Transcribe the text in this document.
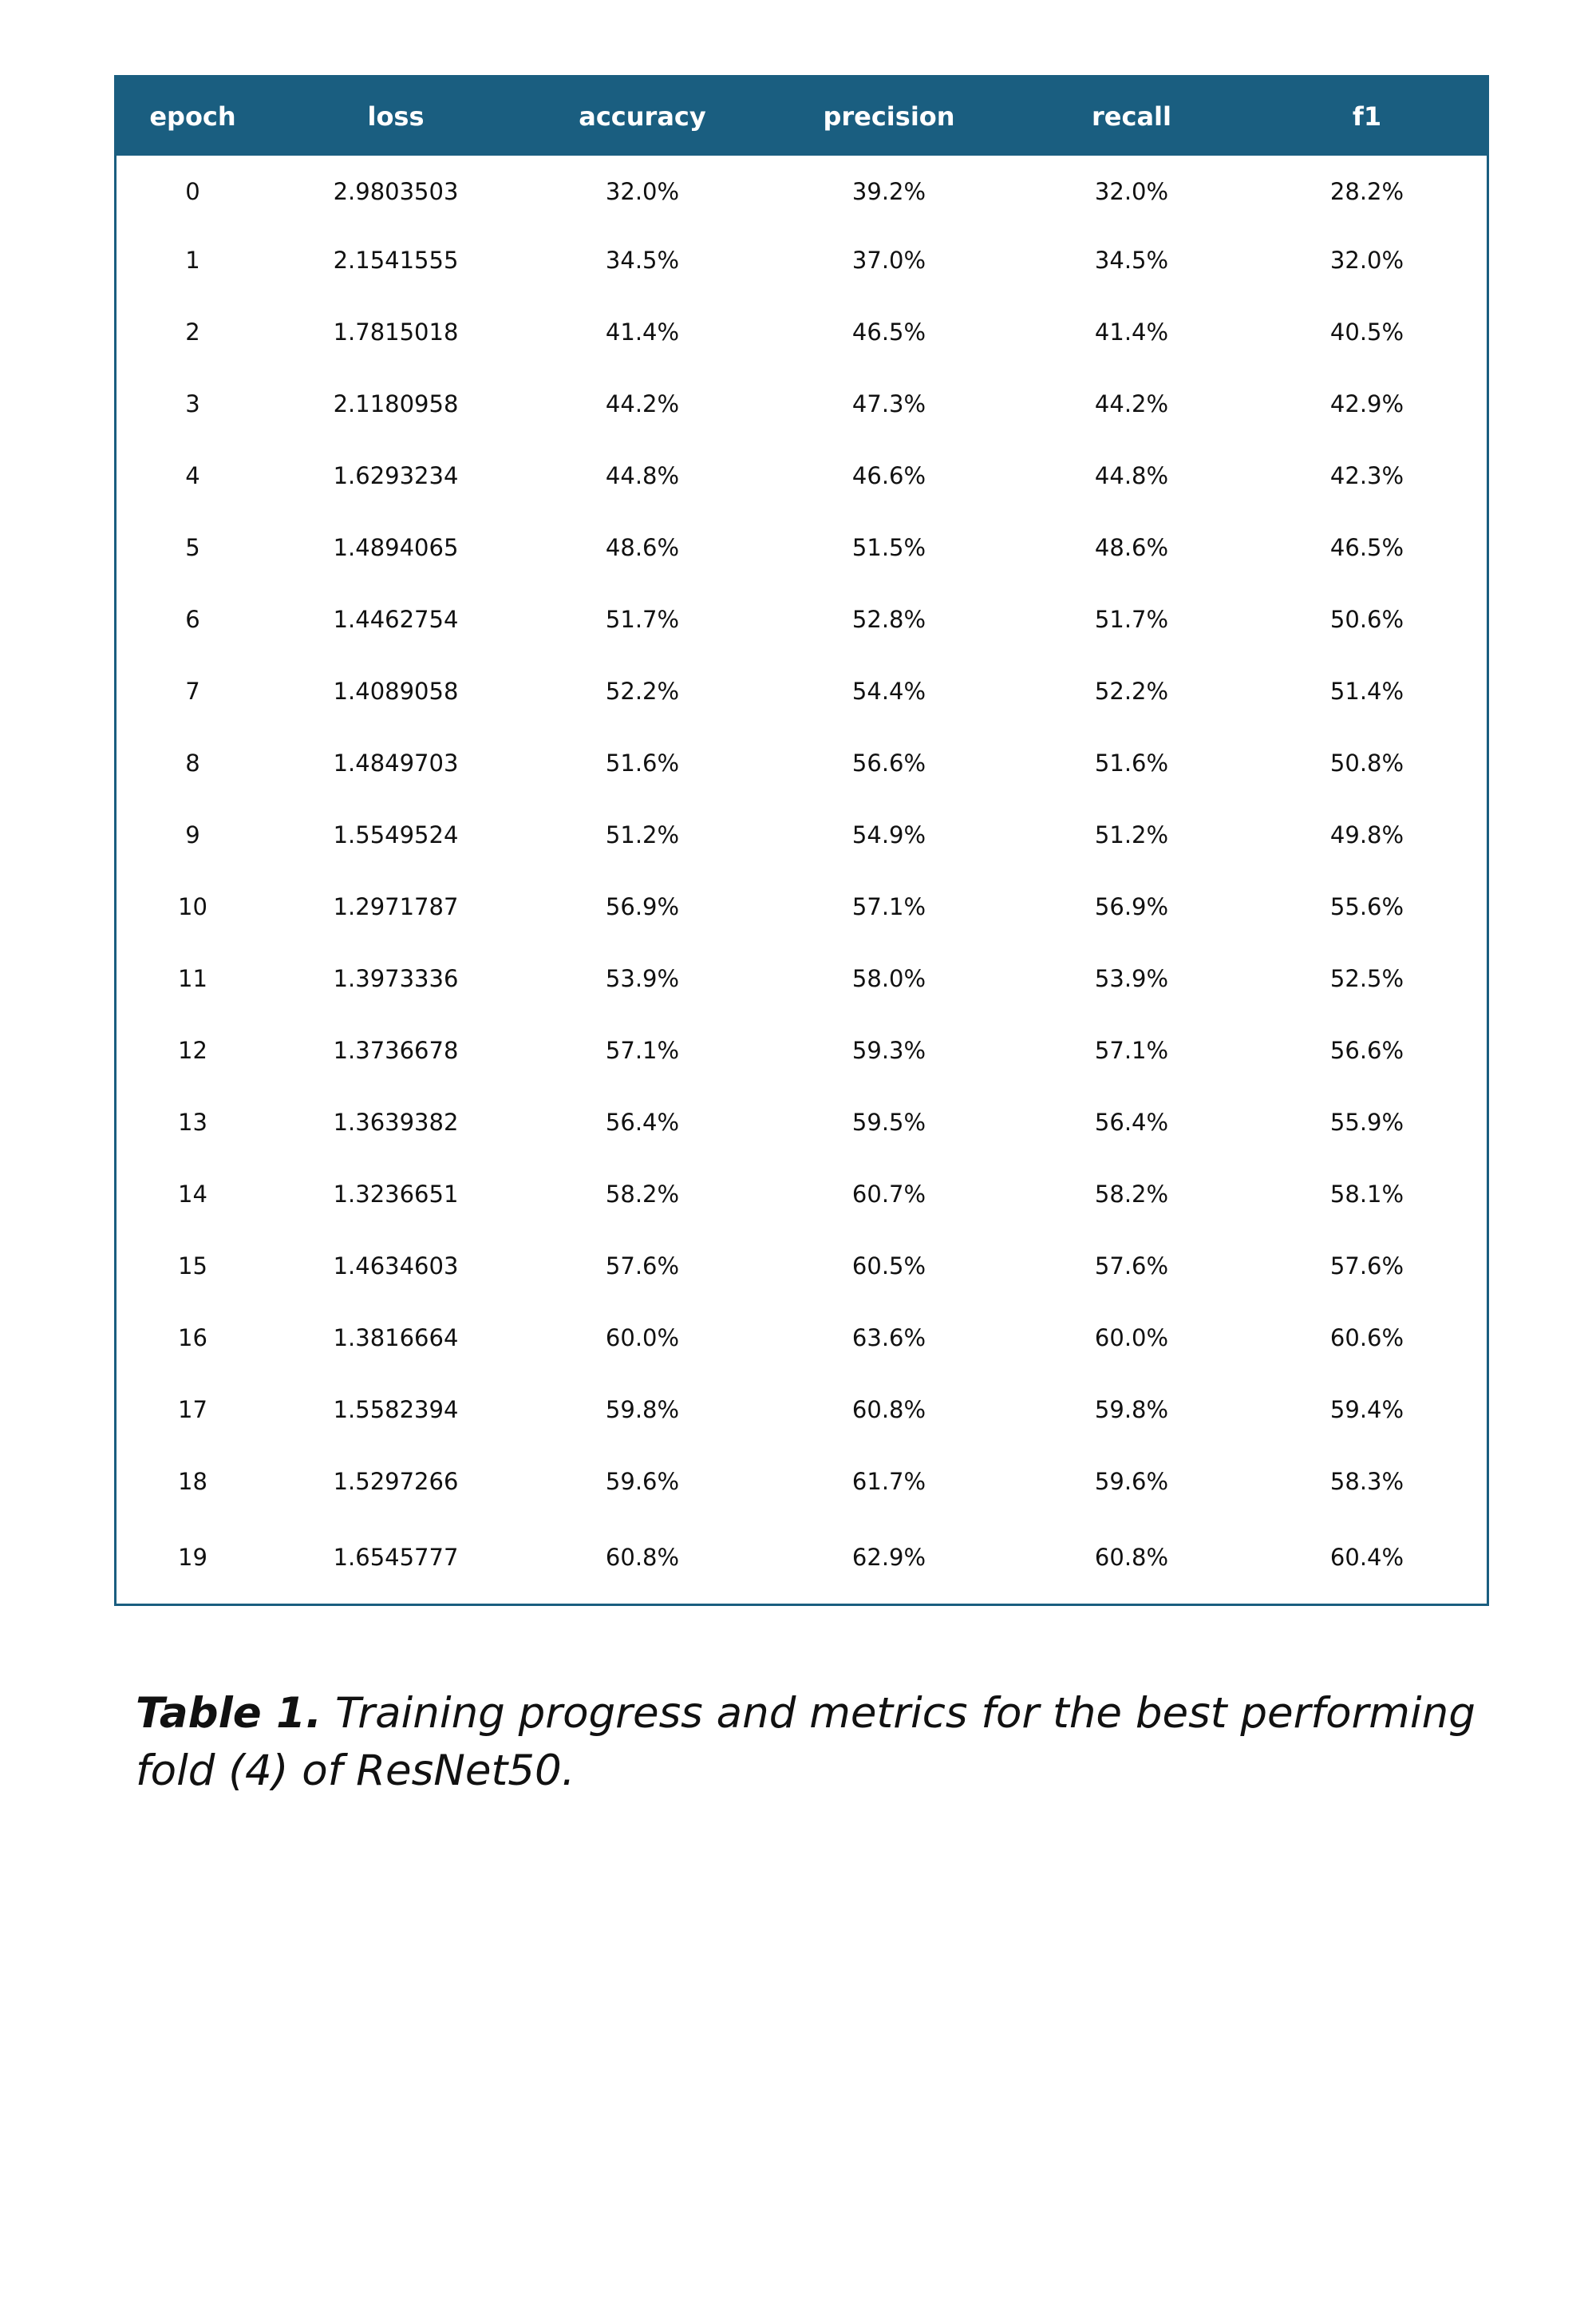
epoch	loss	accuracy	precision	recall	f1
0	2.9803503	32.0%	39.2%	32.0%	28.2%
1	2.1541555	34.5%	37.0%	34.5%	32.0%
2	1.7815018	41.4%	46.5%	41.4%	40.5%
3	2.1180958	44.2%	47.3%	44.2%	42.9%
4	1.6293234	44.8%	46.6%	44.8%	42.3%
5	1.4894065	48.6%	51.5%	48.6%	46.5%
6	1.4462754	51.7%	52.8%	51.7%	50.6%
7	1.4089058	52.2%	54.4%	52.2%	51.4%
8	1.4849703	51.6%	56.6%	51.6%	50.8%
9	1.5549524	51.2%	54.9%	51.2%	49.8%
10	1.2971787	56.9%	57.1%	56.9%	55.6%
11	1.3973336	53.9%	58.0%	53.9%	52.5%
12	1.3736678	57.1%	59.3%	57.1%	56.6%
13	1.3639382	56.4%	59.5%	56.4%	55.9%
14	1.3236651	58.2%	60.7%	58.2%	58.1%
15	1.4634603	57.6%	60.5%	57.6%	57.6%
16	1.3816664	60.0%	63.6%	60.0%	60.6%
17	1.5582394	59.8%	60.8%	59.8%	59.4%
18	1.5297266	59.6%	61.7%	59.6%	58.3%
19	1.6545777	60.8%	62.9%	60.8%	60.4%

Table 1. Training progress and metrics for the best performing fold (4) of ResNet50.
